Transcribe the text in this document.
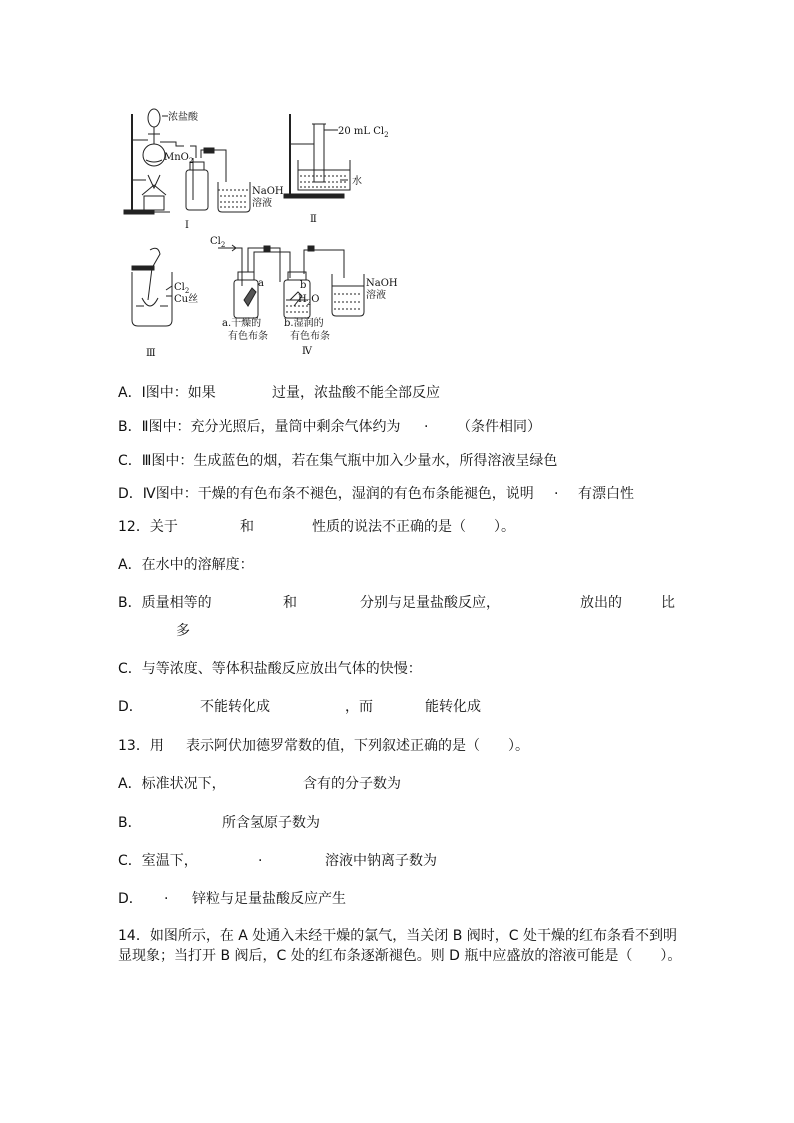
浓盐酸
MnO$_2$
NaOH
溶液
Ⅰ
20 mL $Cl_2$
水
Ⅱ
$Cl_2$
Cu丝
Ⅲ
$Cl_2$
a	b
$H_2O$
NaOH
溶液
a.干燥的
有色布条
b.湿润的
有色布条
Ⅳ
A．Ⅰ图中：如果	过量，浓盐酸不能全部反应
B．Ⅱ图中：充分光照后，量筒中剩余气体约为 · （条件相同）
C．Ⅲ图中：生成蓝色的烟，若在集气瓶中加入少量水，所得溶液呈绿色
D．Ⅳ图中：干燥的有色布条不褪色，湿润的有色布条能褪色，说明 · 有漂白性
12．关于	和	性质的说法不正确的是（　　）。
A．在水中的溶解度：
B．质量相等的	和	分别与足量盐酸反应，	放出的	比
多
C．与等浓度、等体积盐酸反应放出气体的快慢：
D．	不能转化成	，而	能转化成
13．用 表示阿伏加德罗常数的值，下列叙述正确的是（　　）。
A．标准状况下，	含有的分子数为
B．	所含氢原子数为
C．室温下，	·	溶液中钠离子数为
D． · 锌粒与足量盐酸反应产生
14．如图所示，在 A 处通入未经干燥的氯气，当关闭 B 阀时，C 处干燥的红布条看不到明
显现象；当打开 B 阀后，C 处的红布条逐渐褪色。则 D 瓶中应盛放的溶液可能是（　　）。
